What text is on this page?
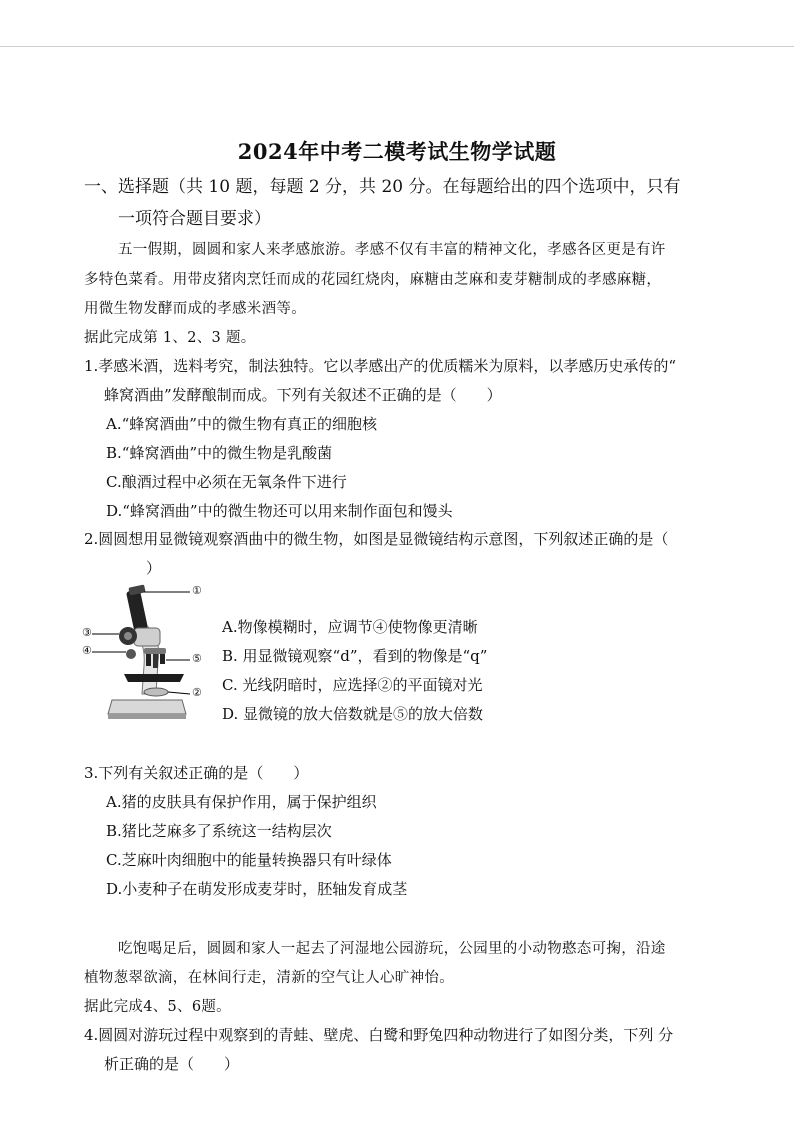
2024年中考二模考试生物学试题

一、选择题（共 10 题，每题 2 分，共 20 分。在每题给出的四个选项中，只有

一项符合题目要求）

五一假期，圆圆和家人来孝感旅游。孝感不仅有丰富的精神文化，孝感各区更是有许

多特色菜肴。用带皮猪肉烹饪而成的花园红烧肉，麻糖由芝麻和麦芽糖制成的孝感麻糖，

用微生物发酵而成的孝感米酒等。

据此完成第 1、2、3 题。

1.孝感米酒，选料考究，制法独特。它以孝感出产的优质糯米为原料，以孝感历史承传的“

蜂窝酒曲”发酵酿制而成。下列有关叙述不正确的是（　　）

A.“蜂窝酒曲”中的微生物有真正的细胞核

B.“蜂窝酒曲”中的微生物是乳酸菌

C.酿酒过程中必须在无氧条件下进行

D.“蜂窝酒曲”中的微生物还可以用来制作面包和馒头

2.圆圆想用显微镜观察酒曲中的微生物，如图是显微镜结构示意图，下列叙述正确的是（

）

①
③
④
⑤
②

A.物像模糊时，应调节④使物像更清晰

B. 用显微镜观察“d”，看到的物像是“q”

C. 光线阴暗时，应选择②的平面镜对光

D. 显微镜的放大倍数就是⑤的放大倍数

3.下列有关叙述正确的是（　　）

A.猪的皮肤具有保护作用，属于保护组织

B.猪比芝麻多了系统这一结构层次

C.芝麻叶肉细胞中的能量转换器只有叶绿体

D.小麦种子在萌发形成麦芽时，胚轴发育成茎

吃饱喝足后，圆圆和家人一起去了河湿地公园游玩，公园里的小动物憨态可掬，沿途

植物葱翠欲滴，在林间行走，清新的空气让人心旷神怡。

据此完成4、5、6题。

4.圆圆对游玩过程中观察到的青蛙、壁虎、白鹭和野兔四种动物进行了如图分类，下列 分

析正确的是（　　）
